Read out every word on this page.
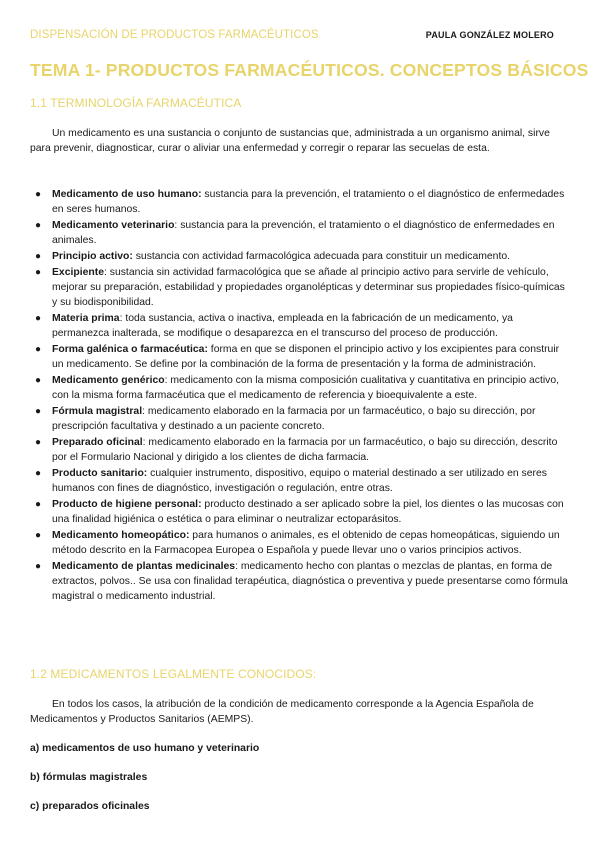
DISPENSACIÓN DE PRODUCTOS FARMACÉUTICOS	PAULA GONZÁLEZ MOLERO
TEMA 1- PRODUCTOS FARMACÉUTICOS. CONCEPTOS BÁSICOS
1.1 TERMINOLOGÍA FARMACÉUTICA

Un medicamento es una sustancia o conjunto de sustancias que, administrada a un organismo animal, sirve para prevenir, diagnosticar, curar o aliviar una enfermedad y corregir o reparar las secuelas de esta.

● Medicamento de uso humano: sustancia para la prevención, el tratamiento o el diagnóstico de enfermedades en seres humanos.
● Medicamento veterinario: sustancia para la prevención, el tratamiento o el diagnóstico de enfermedades en animales.
● Principio activo: sustancia con actividad farmacológica adecuada para constituir un medicamento.
● Excipiente: sustancia sin actividad farmacológica que se añade al principio activo para servirle de vehículo, mejorar su preparación, estabilidad y propiedades organolépticas y determinar sus propiedades físico-químicas y su biodisponibilidad.
● Materia prima: toda sustancia, activa o inactiva, empleada en la fabricación de un medicamento, ya permanezca inalterada, se modifique o desaparezca en el transcurso del proceso de producción.
● Forma galénica o farmacéutica: forma en que se disponen el principio activo y los excipientes para construir un medicamento. Se define por la combinación de la forma de presentación y la forma de administración.
● Medicamento genérico: medicamento con la misma composición cualitativa y cuantitativa en principio activo, con la misma forma farmacéutica que el medicamento de referencia y bioequivalente a este.
● Fórmula magistral: medicamento elaborado en la farmacia por un farmacéutico, o bajo su dirección, por prescripción facultativa y destinado a un paciente concreto.
● Preparado oficinal: medicamento elaborado en la farmacia por un farmacéutico, o bajo su dirección, descrito por el Formulario Nacional y dirigido a los clientes de dicha farmacia.
● Producto sanitario: cualquier instrumento, dispositivo, equipo o material destinado a ser utilizado en seres humanos con fines de diagnóstico, investigación o regulación, entre otras.
● Producto de higiene personal: producto destinado a ser aplicado sobre la piel, los dientes o las mucosas con una finalidad higiénica o estética o para eliminar o neutralizar ectoparásitos.
● Medicamento homeopático: para humanos o animales, es el obtenido de cepas homeopáticas, siguiendo un método descrito en la Farmacopea Europea o Española y puede llevar uno o varios principios activos.
● Medicamento de plantas medicinales: medicamento hecho con plantas o mezclas de plantas, en forma de extractos, polvos.. Se usa con finalidad terapéutica, diagnóstica o preventiva y puede presentarse como fórmula magistral o medicamento industrial.
1.2 MEDICAMENTOS LEGALMENTE CONOCIDOS:

En todos los casos, la atribución de la condición de medicamento corresponde a la Agencia Española de Medicamentos y Productos Sanitarios (AEMPS).

a) medicamentos de uso humano y veterinario

b) fórmulas magistrales

c) preparados oficinales
